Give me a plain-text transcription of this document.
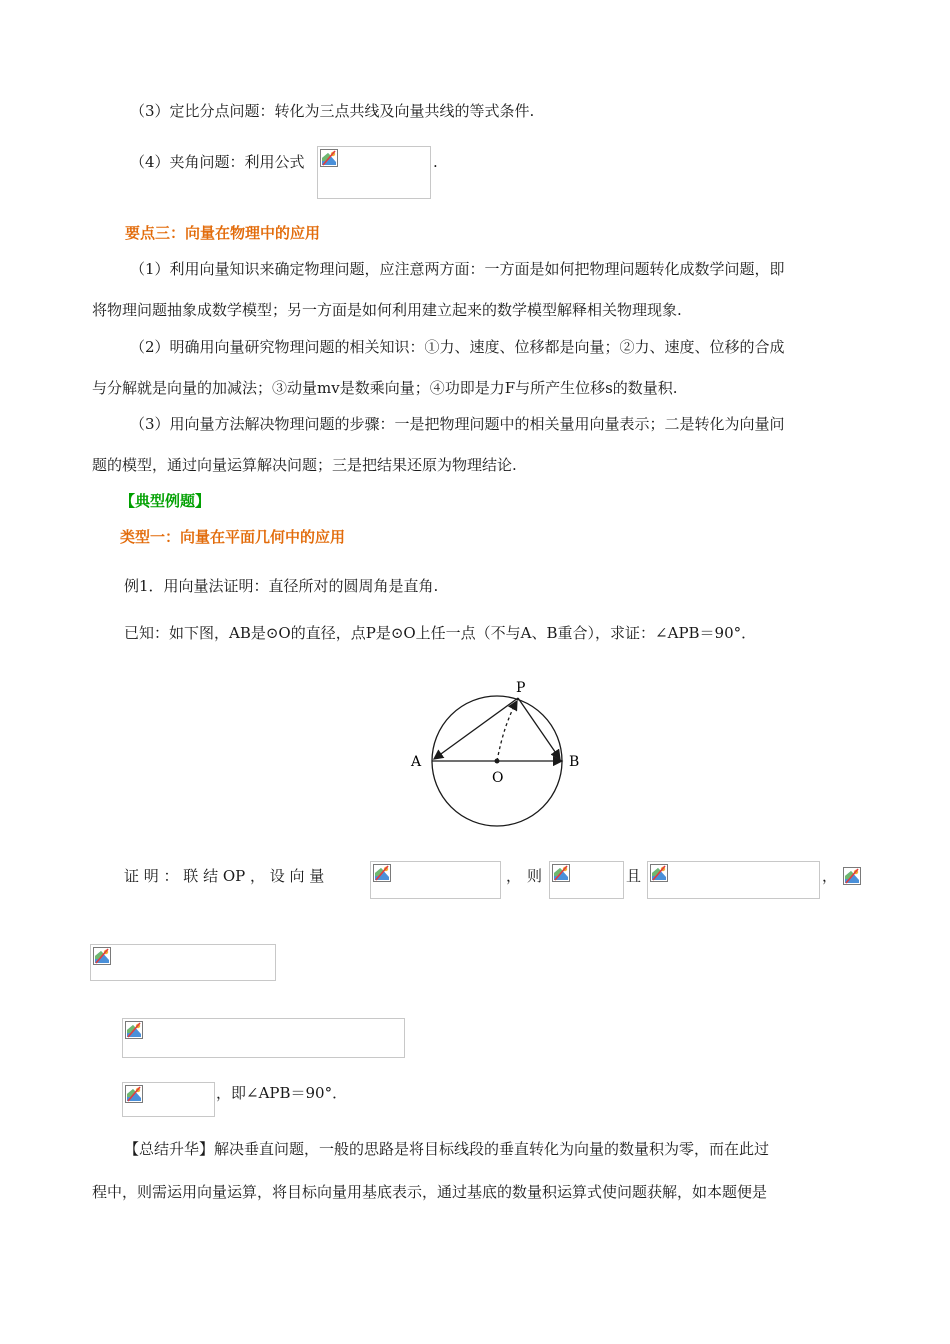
（3）定比分点问题：转化为三点共线及向量共线的等式条件.
（4）夹角问题：利用公式	.
要点三：向量在物理中的应用
（1）利用向量知识来确定物理问题，应注意两方面：一方面是如何把物理问题转化成数学问题，即
将物理问题抽象成数学模型；另一方面是如何利用建立起来的数学模型解释相关物理现象.
（2）明确用向量研究物理问题的相关知识：①力、速度、位移都是向量；②力、速度、位移的合成
与分解就是向量的加减法；③动量mv是数乘向量；④功即是力F与所产生位移s的数量积.
（3）用向量方法解决物理问题的步骤：一是把物理问题中的相关量用向量表示；二是转化为向量问
题的模型，通过向量运算解决问题；三是把结果还原为物理结论.
【典型例题】
类型一：向量在平面几何中的应用
例1．用向量法证明：直径所对的圆周角是直角.
已知：如下图，AB是⊙O的直径，点P是⊙O上任一点（不与A、B重合），求证：∠APB＝90°．
P
A	B
O
证 明 ： 联 结 OP ， 设 向 量	， 则	且	，
，即∠APB＝90°．
【总结升华】解决垂直问题，一般的思路是将目标线段的垂直转化为向量的数量积为零，而在此过
程中，则需运用向量运算，将目标向量用基底表示，通过基底的数量积运算式使问题获解，如本题便是
